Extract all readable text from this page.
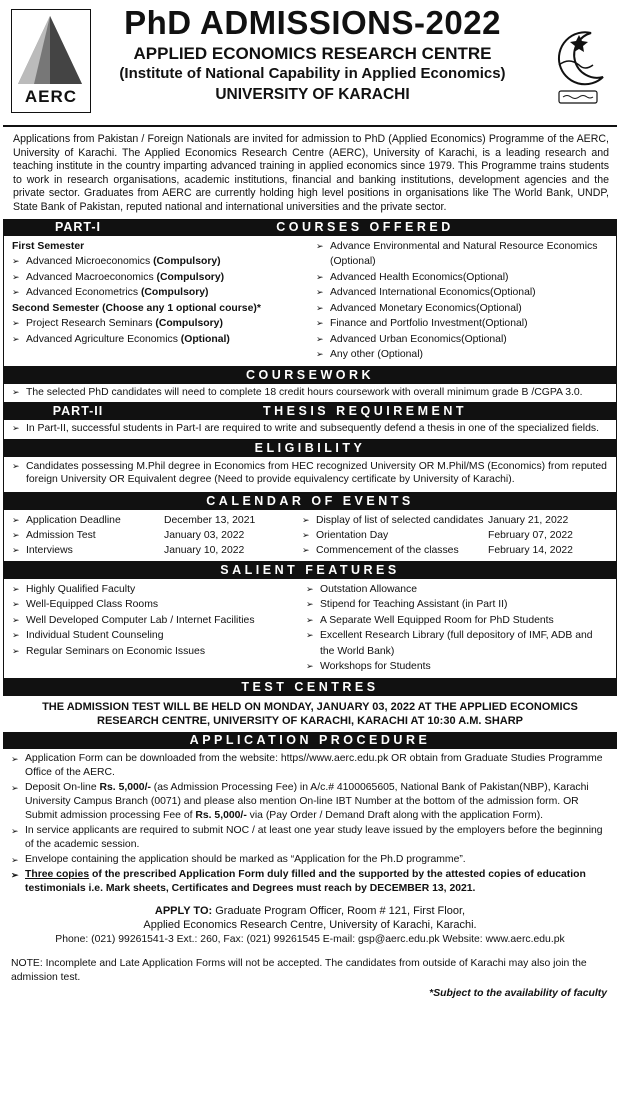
AERC
PhD ADMISSIONS-2022
APPLIED ECONOMICS RESEARCH CENTRE
(Institute of National Capability in Applied Economics)
UNIVERSITY OF KARACHI

Applications from Pakistan / Foreign Nationals are invited for admission to PhD (Applied Economics) Programme of the AERC, University of Karachi. The Applied Economics Research Centre (AERC), University of Karachi, is a leading research and teaching institute in the country imparting advanced training in applied economics since 1979. This Programme trains students to work in research organisations, academic institutions, financial and banking institutions, development agencies and the private sector. Graduates from AERC are currently holding high level positions in organisations like The World Bank, UNDP, State Bank of Pakistan, reputed national and international universities and the private sector.

PART-I	COURSES OFFERED
First Semester
➢ Advanced Microeconomics (Compulsory)
➢ Advanced Macroeconomics (Compulsory)
➢ Advanced Econometrics (Compulsory)
Second Semester (Choose any 1 optional course)*
➢ Project Research Seminars (Compulsory)
➢ Advanced Agriculture Economics (Optional)
➢ Advance Environmental and Natural Resource Economics (Optional)
➢ Advanced Health Economics(Optional)
➢ Advanced International Economics(Optional)
➢ Advanced Monetary Economics(Optional)
➢ Finance and Portfolio Investment(Optional)
➢ Advanced Urban Economics(Optional)
➢ Any other (Optional)
COURSEWORK
➢ The selected PhD candidates will need to complete 18 credit hours coursework with overall minimum grade B /CGPA 3.0.
PART-II	THESIS REQUIREMENT
➢ In Part-II, successful students in Part-I are required to write and subsequently defend a thesis in one of the specialized fields.
ELIGIBILITY
➢ Candidates possessing M.Phil degree in Economics from HEC recognized University OR M.Phil/MS (Economics) from reputed foreign University OR Equivalent degree (Need to provide equivalency certificate by University of Karachi).
CALENDAR OF EVENTS
➢ Application Deadline	December 13, 2021	➢ Display of list of selected candidates January 21, 2022
➢ Admission Test	January 03, 2022	➢ Orientation Day	February 07, 2022
➢ Interviews	January 10, 2022	➢ Commencement of the classes	February 14, 2022
SALIENT FEATURES
➢ Highly Qualified Faculty
➢ Well-Equipped Class Rooms
➢ Well Developed Computer Lab / Internet Facilities
➢ Individual Student Counseling
➢ Regular Seminars on Economic Issues
➢ Outstation Allowance
➢ Stipend for Teaching Assistant (in Part II)
➢ A Separate Well Equipped Room for PhD Students
➢ Excellent Research Library (full depository of IMF, ADB and the World Bank)
➢ Workshops for Students
TEST CENTRES
THE ADMISSION TEST WILL BE HELD ON MONDAY, JANUARY 03, 2022 AT THE APPLIED ECONOMICS RESEARCH CENTRE, UNIVERSITY OF KARACHI, KARACHI AT 10:30 A.M. SHARP
APPLICATION PROCEDURE
➢ Application Form can be downloaded from the website: https//www.aerc.edu.pk OR obtain from Graduate Studies Programme Office of the AERC.
➢ Deposit On-line Rs. 5,000/- (as Admission Processing Fee) in A/c.# 4100065605, National Bank of Pakistan(NBP), Karachi University Campus Branch (0071) and please also mention On-line IBT Number at the bottom of the admission form. OR Submit admission processing Fee of Rs. 5,000/- via (Pay Order / Demand Draft along with the application Form).
➢ In service applicants are required to submit NOC / at least one year study leave issued by the employers before the beginning of the academic session.
➢ Envelope containing the application should be marked as “Application for the Ph.D programme”.
➢ Three copies of the prescribed Application Form duly filled and the supported by the attested copies of education testimonials i.e. Mark sheets, Certificates and Degrees must reach by DECEMBER 13, 2021.
APPLY TO: Graduate Program Officer, Room # 121, First Floor,
Applied Economics Research Centre, University of Karachi, Karachi.
Phone: (021) 99261541-3 Ext.: 260, Fax: (021) 99261545 E-mail: gsp@aerc.edu.pk Website: www.aerc.edu.pk
NOTE: Incomplete and Late Application Forms will not be accepted. The candidates from outside of Karachi may also join the admission test.
*Subject to the availability of faculty
